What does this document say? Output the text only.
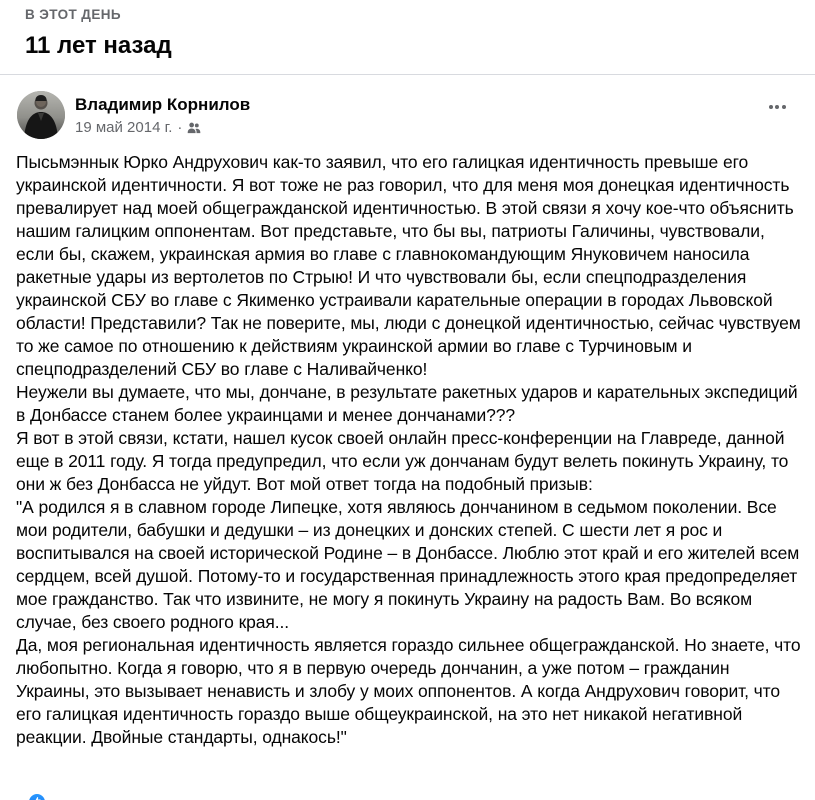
В ЭТОТ ДЕНЬ
11 лет назад
Владимир Корнилов
19 май 2014 г. ·
Пысьмэннык Юрко Андрухович как-то заявил, что его галицкая идентичность превыше его украинской идентичности. Я вот тоже не раз говорил, что для меня моя донецкая идентичность превалирует над моей общегражданской идентичностью. В этой связи я хочу кое-что объяснить нашим галицким оппонентам. Вот представьте, что бы вы, патриоты Галичины, чувствовали, если бы, скажем, украинская армия во главе с главнокомандующим Януковичем наносила ракетные удары из вертолетов по Стрыю! И что чувствовали бы, если спецподразделения украинской СБУ во главе с Якименко устраивали карательные операции в городах Львовской области! Представили? Так не поверите, мы, люди с донецкой идентичностью, сейчас чувствуем то же самое по отношению к действиям украинской армии во главе с Турчиновым и спецподразделений СБУ во главе с Наливайченко!
Неужели вы думаете, что мы, дончане, в результате ракетных ударов и карательных экспедиций в Донбассе станем более украинцами и менее дончанами???
Я вот в этой связи, кстати, нашел кусок своей онлайн пресс-конференции на Главреде, данной еще в 2011 году. Я тогда предупредил, что если уж дончанам будут велеть покинуть Украину, то они ж без Донбасса не уйдут. Вот мой ответ тогда на подобный призыв:
"А родился я в славном городе Липецке, хотя являюсь дончанином в седьмом поколении. Все мои родители, бабушки и дедушки – из донецких и донских степей. С шести лет я рос и воспитывался на своей исторической Родине – в Донбассе. Люблю этот край и его жителей всем сердцем, всей душой. Потому-то и государственная принадлежность этого края предопределяет мое гражданство. Так что извините, не могу я покинуть Украину на радость Вам. Во всяком случае, без своего родного края...
Да, моя региональная идентичность является гораздо сильнее общегражданской. Но знаете, что любопытно. Когда я говорю, что я в первую очередь дончанин, а уже потом – гражданин Украины, это вызывает ненависть и злобу у моих оппонентов. А когда Андрухович говорит, что его галицкая идентичность гораздо выше общеукраинской, на это нет никакой негативной реакции. Двойные стандарты, однакось!"
